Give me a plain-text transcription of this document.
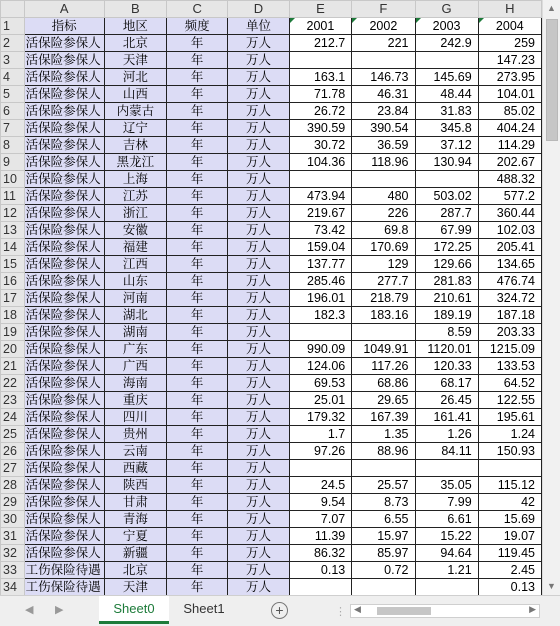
	A	B	C	D	E	F	G	H
1	指标	地区	频度	单位	2001	2002	2003	2004
2	活保险参保人	北京	年	万人	212.7	221	242.9	259
3	活保险参保人	天津	年	万人				147.23
4	活保险参保人	河北	年	万人	163.1	146.73	145.69	273.95
5	活保险参保人	山西	年	万人	71.78	46.31	48.44	104.01
6	活保险参保人	内蒙古	年	万人	26.72	23.84	31.83	85.02
7	活保险参保人	辽宁	年	万人	390.59	390.54	345.8	404.24
8	活保险参保人	吉林	年	万人	30.72	36.59	37.12	114.29
9	活保险参保人	黑龙江	年	万人	104.36	118.96	130.94	202.67
10	活保险参保人	上海	年	万人				488.32
11	活保险参保人	江苏	年	万人	473.94	480	503.02	577.2
12	活保险参保人	浙江	年	万人	219.67	226	287.7	360.44
13	活保险参保人	安徽	年	万人	73.42	69.8	67.99	102.03
14	活保险参保人	福建	年	万人	159.04	170.69	172.25	205.41
15	活保险参保人	江西	年	万人	137.77	129	129.66	134.65
16	活保险参保人	山东	年	万人	285.46	277.7	281.83	476.74
17	活保险参保人	河南	年	万人	196.01	218.79	210.61	324.72
18	活保险参保人	湖北	年	万人	182.3	183.16	189.19	187.18
19	活保险参保人	湖南	年	万人			8.59	203.33
20	活保险参保人	广东	年	万人	990.09	1049.91	1120.01	1215.09
21	活保险参保人	广西	年	万人	124.06	117.26	120.33	133.53
22	活保险参保人	海南	年	万人	69.53	68.86	68.17	64.52
23	活保险参保人	重庆	年	万人	25.01	29.65	26.45	122.55
24	活保险参保人	四川	年	万人	179.32	167.39	161.41	195.61
25	活保险参保人	贵州	年	万人	1.7	1.35	1.26	1.24
26	活保险参保人	云南	年	万人	97.26	88.96	84.11	150.93
27	活保险参保人	西藏	年	万人				
28	活保险参保人	陕西	年	万人	24.5	25.57	35.05	115.12
29	活保险参保人	甘肃	年	万人	9.54	8.73	7.99	42
30	活保险参保人	青海	年	万人	7.07	6.55	6.61	15.69
31	活保险参保人	宁夏	年	万人	11.39	15.97	15.22	19.07
32	活保险参保人	新疆	年	万人	86.32	85.97	94.64	119.45
33	工伤保险待遇	北京	年	万人	0.13	0.72	1.21	2.45
34	工伤保险待遇	天津	年	万人				0.13
▲
▼
◀ ▶	Sheet0	Sheet1	+	⋮ ◀	▶
